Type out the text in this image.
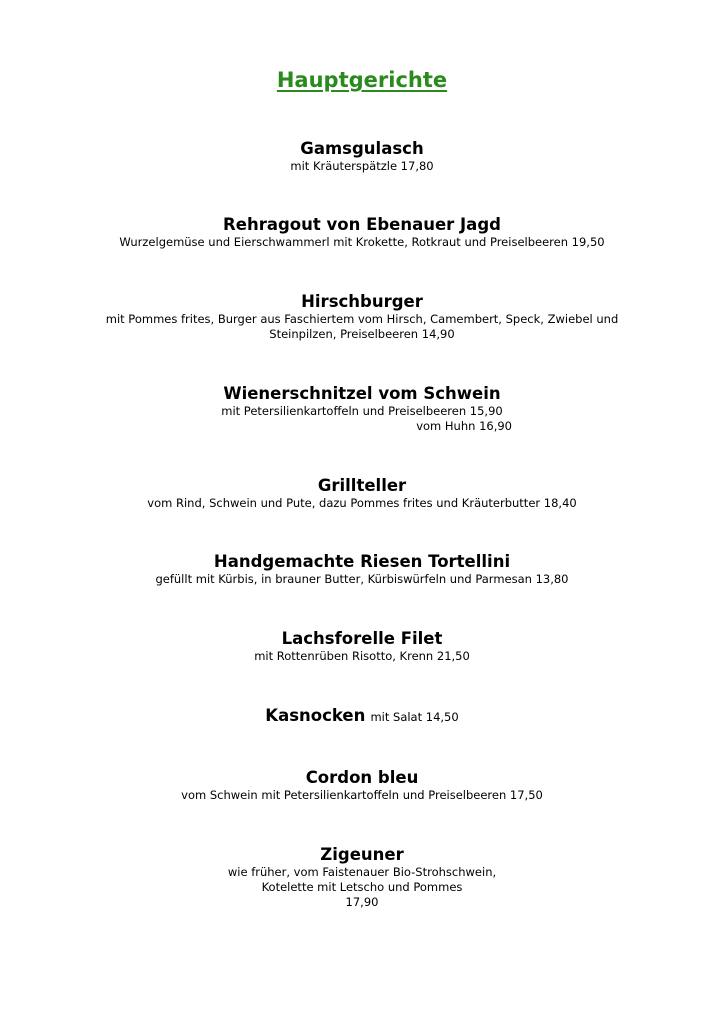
Hauptgerichte
Gamsgulasch
mit Kräuterspätzle 17,80
Rehragout von Ebenauer Jagd
Wurzelgemüse und Eierschwammerl mit Krokette, Rotkraut und Preiselbeeren 19,50
Hirschburger
mit Pommes frites, Burger aus Faschiertem vom Hirsch, Camembert, Speck, Zwiebel und
Steinpilzen, Preiselbeeren 14,90
Wienerschnitzel vom Schwein
mit Petersilienkartoffeln und Preiselbeeren 15,90
vom Huhn 16,90
Grillteller
vom Rind, Schwein und Pute, dazu Pommes frites und Kräuterbutter 18,40
Handgemachte Riesen Tortellini
gefüllt mit Kürbis, in brauner Butter, Kürbiswürfeln und Parmesan 13,80
Lachsforelle Filet
mit Rottenrüben Risotto, Krenn 21,50
Kasnocken mit Salat 14,50
Cordon bleu
vom Schwein mit Petersilienkartoffeln und Preiselbeeren 17,50
Zigeuner
wie früher, vom Faistenauer Bio-Strohschwein,
Kotelette mit Letscho und Pommes
17,90
